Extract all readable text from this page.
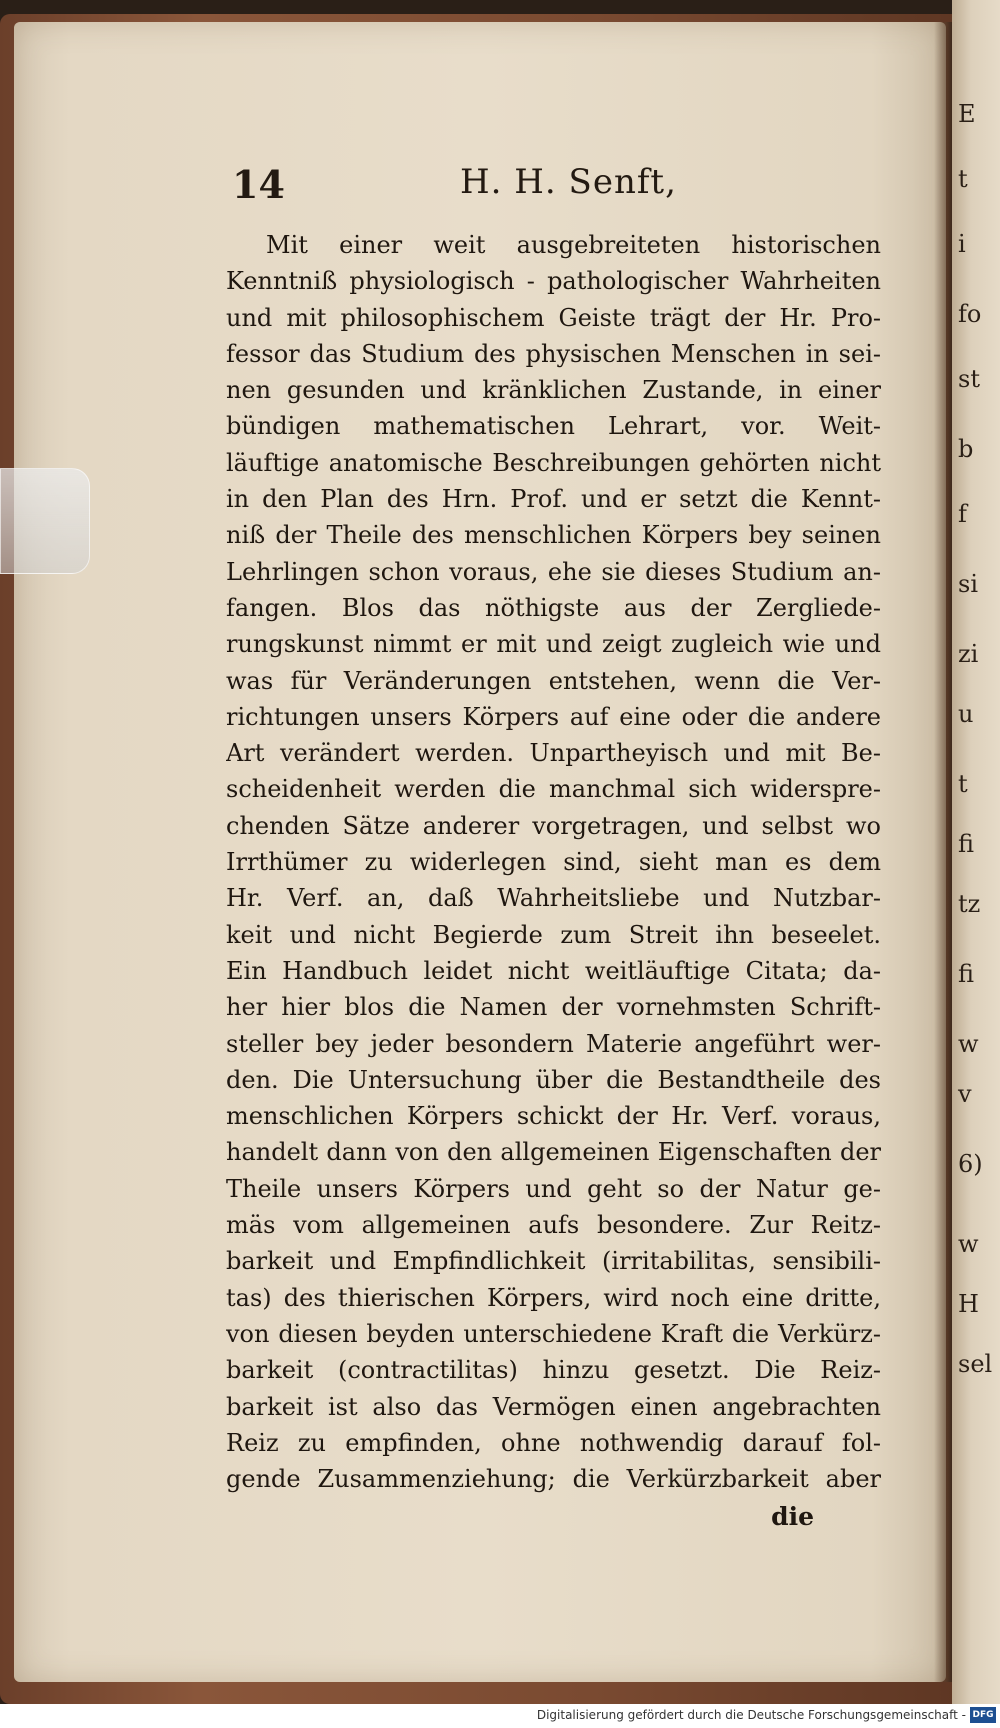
14	H. H. Senft,
Mit einer weit ausgebreiteten historischen
Kenntniß physiologisch - pathologischer Wahrheiten
und mit philosophischem Geiste trägt der Hr. Pro-
fessor das Studium des physischen Menschen in sei-
nen gesunden und kränklichen Zustande, in einer
bündigen mathematischen Lehrart, vor. Weit-
läuftige anatomische Beschreibungen gehörten nicht
in den Plan des Hrn. Prof. und er setzt die Kennt-
niß der Theile des menschlichen Körpers bey seinen
Lehrlingen schon voraus, ehe sie dieses Studium an-
fangen. Blos das nöthigste aus der Zergliede-
rungskunst nimmt er mit und zeigt zugleich wie und
was für Veränderungen entstehen, wenn die Ver-
richtungen unsers Körpers auf eine oder die andere
Art verändert werden. Unpartheyisch und mit Be-
scheidenheit werden die manchmal sich widerspre-
chenden Sätze anderer vorgetragen, und selbst wo
Irrthümer zu widerlegen sind, sieht man es dem
Hr. Verf. an, daß Wahrheitsliebe und Nutzbar-
keit und nicht Begierde zum Streit ihn beseelet.
Ein Handbuch leidet nicht weitläuftige Citata; da-
her hier blos die Namen der vornehmsten Schrift-
steller bey jeder besondern Materie angeführt wer-
den. Die Untersuchung über die Bestandtheile des
menschlichen Körpers schickt der Hr. Verf. voraus,
handelt dann von den allgemeinen Eigenschaften der
Theile unsers Körpers und geht so der Natur ge-
mäs vom allgemeinen aufs besondere. Zur Reitz-
barkeit und Empfindlichkeit (irritabilitas, sensibili-
tas) des thierischen Körpers, wird noch eine dritte,
von diesen beyden unterschiedene Kraft die Verkürz-
barkeit (contractilitas) hinzu gesetzt. Die Reiz-
barkeit ist also das Vermögen einen angebrachten
Reiz zu empfinden, ohne nothwendig darauf fol-
gende Zusammenziehung; die Verkürzbarkeit aber
die
E
t
i
fo
st
b
f
si
zi
u
t
fi
tz
fi
w
v
6)
w
H
sel
Digitalisierung gefördert durch die Deutsche Forschungsgemeinschaft - DFG
